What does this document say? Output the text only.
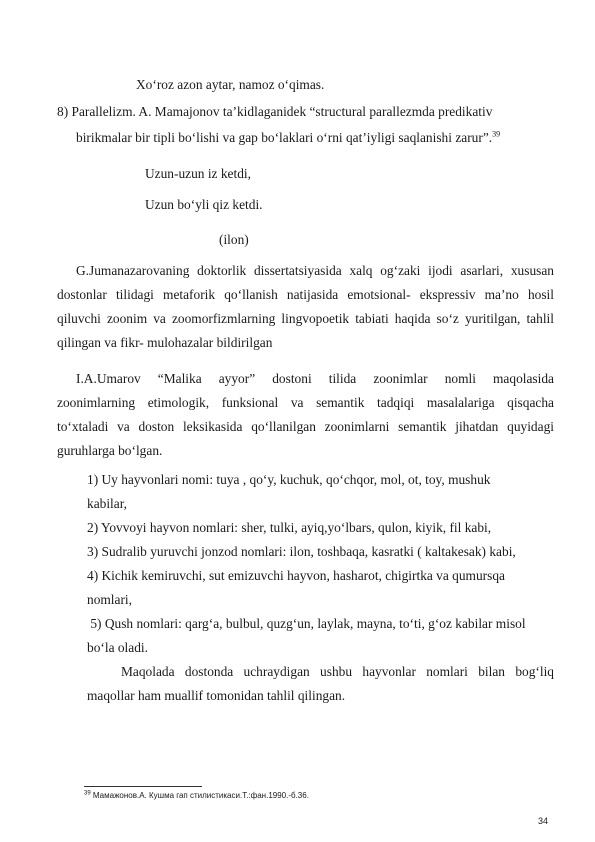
Xo‘roz azon aytar, namoz o‘qimas.
8) Parallelizm. A. Mamajonov ta’kidlaganidek “structural parallezmda predikativ
birikmalar bir tipli bo‘lishi va gap bo‘laklari o‘rni qat’iyligi saqlanishi zarur”.$^{39}$
Uzun-uzun iz ketdi,
Uzun bo‘yli qiz ketdi.
(ilon)
G.Jumanazarovaning doktorlik dissertatsiyasida xalq og‘zaki ijodi asarlari, xususan
dostonlar tilidagi metaforik qo‘llanish natijasida emotsional- ekspressiv ma’no hosil
qiluvchi zoonim va zoomorfizmlarning lingvopoetik tabiati haqida so‘z yuritilgan, tahlil
qilingan va fikr- mulohazalar bildirilgan
I.A.Umarov “Malika ayyor” dostoni tilida zoonimlar nomli maqolasida
zoonimlarning etimologik, funksional va semantik tadqiqi masalalariga qisqacha
to‘xtaladi va doston leksikasida qo‘llanilgan zoonimlarni semantik jihatdan quyidagi
guruhlarga bo‘lgan.
1) Uy hayvonlari nomi: tuya , qo‘y, kuchuk, qo‘chqor, mol, ot, toy, mushuk
kabilar,
2) Yovvoyi hayvon nomlari: sher, tulki, ayiq,yo‘lbars, qulon, kiyik, fil kabi,
3) Sudralib yuruvchi jonzod nomlari: ilon, toshbaqa, kasratki ( kaltakesak) kabi,
4) Kichik kemiruvchi, sut emizuvchi hayvon, hasharot, chigirtka va qumursqa
nomlari,
5) Qush nomlari: qarg‘a, bulbul, quzg‘un, laylak, mayna, to‘ti, g‘oz kabilar misol
bo‘la oladi.
Maqolada dostonda uchraydigan ushbu hayvonlar nomlari bilan bog‘liq
maqollar ham muallif tomonidan tahlil qilingan.
$^{39}$ Мамажонов.А. Кушма гап стилистикаси.Т.:фан.1990.-б.36.
34
